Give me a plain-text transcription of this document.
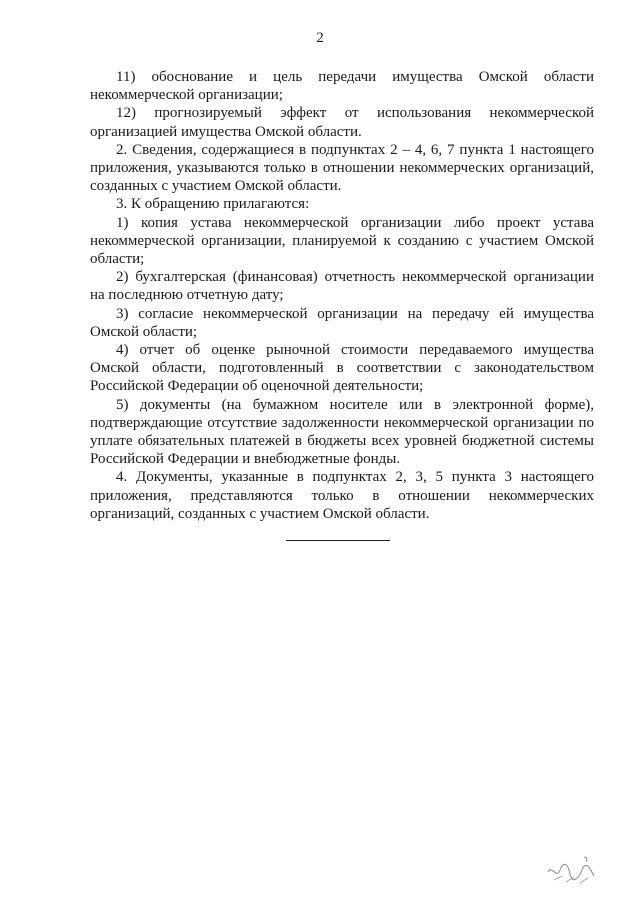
2

11) обоснование и цель передачи имущества Омской области некоммерческой организации;

12) прогнозируемый эффект от использования некоммерческой организацией имущества Омской области.

2. Сведения, содержащиеся в подпунктах 2 – 4, 6, 7 пункта 1 настоящего приложения, указываются только в отношении некоммерческих организаций, созданных с участием Омской области.

3. К обращению прилагаются:

1) копия устава некоммерческой организации либо проект устава некоммерческой организации, планируемой к созданию с участием Омской области;

2) бухгалтерская (финансовая) отчетность некоммерческой организации на последнюю отчетную дату;

3) согласие некоммерческой организации на передачу ей имущества Омской области;

4) отчет об оценке рыночной стоимости передаваемого имущества Омской области, подготовленный в соответствии с законодательством Российской Федерации об оценочной деятельности;

5) документы (на бумажном носителе или в электронной форме), подтверждающие отсутствие задолженности некоммерческой организации по уплате обязательных платежей в бюджеты всех уровней бюджетной системы Российской Федерации и внебюджетные фонды.

4. Документы, указанные в подпунктах 2, 3, 5 пункта 3 настоящего приложения, представляются только в отношении некоммерческих организаций, созданных с участием Омской области.
